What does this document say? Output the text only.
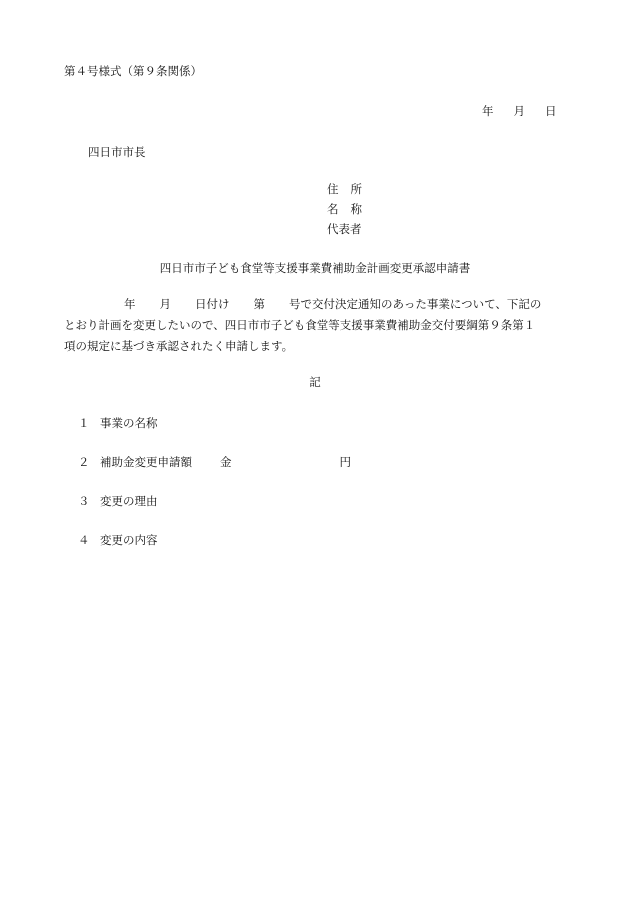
第４号様式（第９条関係）
年 月 日
四日市市長
住 所
名 称
代表者
四日市市子ども食堂等支援事業費補助金計画変更承認申請書
年 月 日付け 第 号で交付決定通知のあった事業について、下記の
とおり計画を変更したいので、四日市市子ども食堂等支援事業費補助金交付要綱第９条第１
項の規定に基づき承認されたく申請します。
記
１ 事業の名称
２ 補助金変更申請額 金	円
３ 変更の理由
４ 変更の内容
